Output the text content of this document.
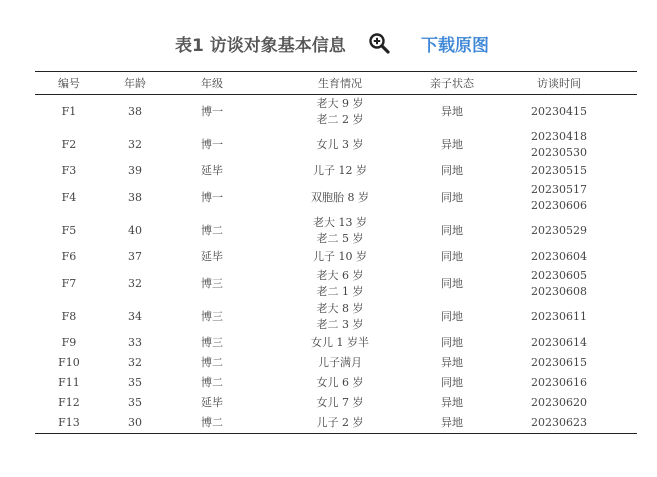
表1 访谈对象基本信息	下载原图
编号	年龄	年级	生育情况	亲子状态	访谈时间
F1	38	博一	老大 9 岁
老二 2 岁	异地	20230415

F2	32	博一	女儿 3 岁	异地	20230418
20230530

F3	39	延毕	儿子 12 岁	同地	20230515

F4	38	博一	双胞胎 8 岁	同地	20230517
20230606

F5	40	博二	老大 13 岁
老二 5 岁	同地	20230529

F6	37	延毕	儿子 10 岁	同地	20230604

F7	32	博三	老大 6 岁
老二 1 岁	同地	20230605
20230608

F8	34	博三	老大 8 岁
老二 3 岁	同地	20230611

F9	33	博三	女儿 1 岁半	同地	20230614

F10	32	博二	儿子满月	异地	20230615

F11	35	博二	女儿 6 岁	同地	20230616

F12	35	延毕	女儿 7 岁	异地	20230620

F13	30	博二	儿子 2 岁	异地	20230623
